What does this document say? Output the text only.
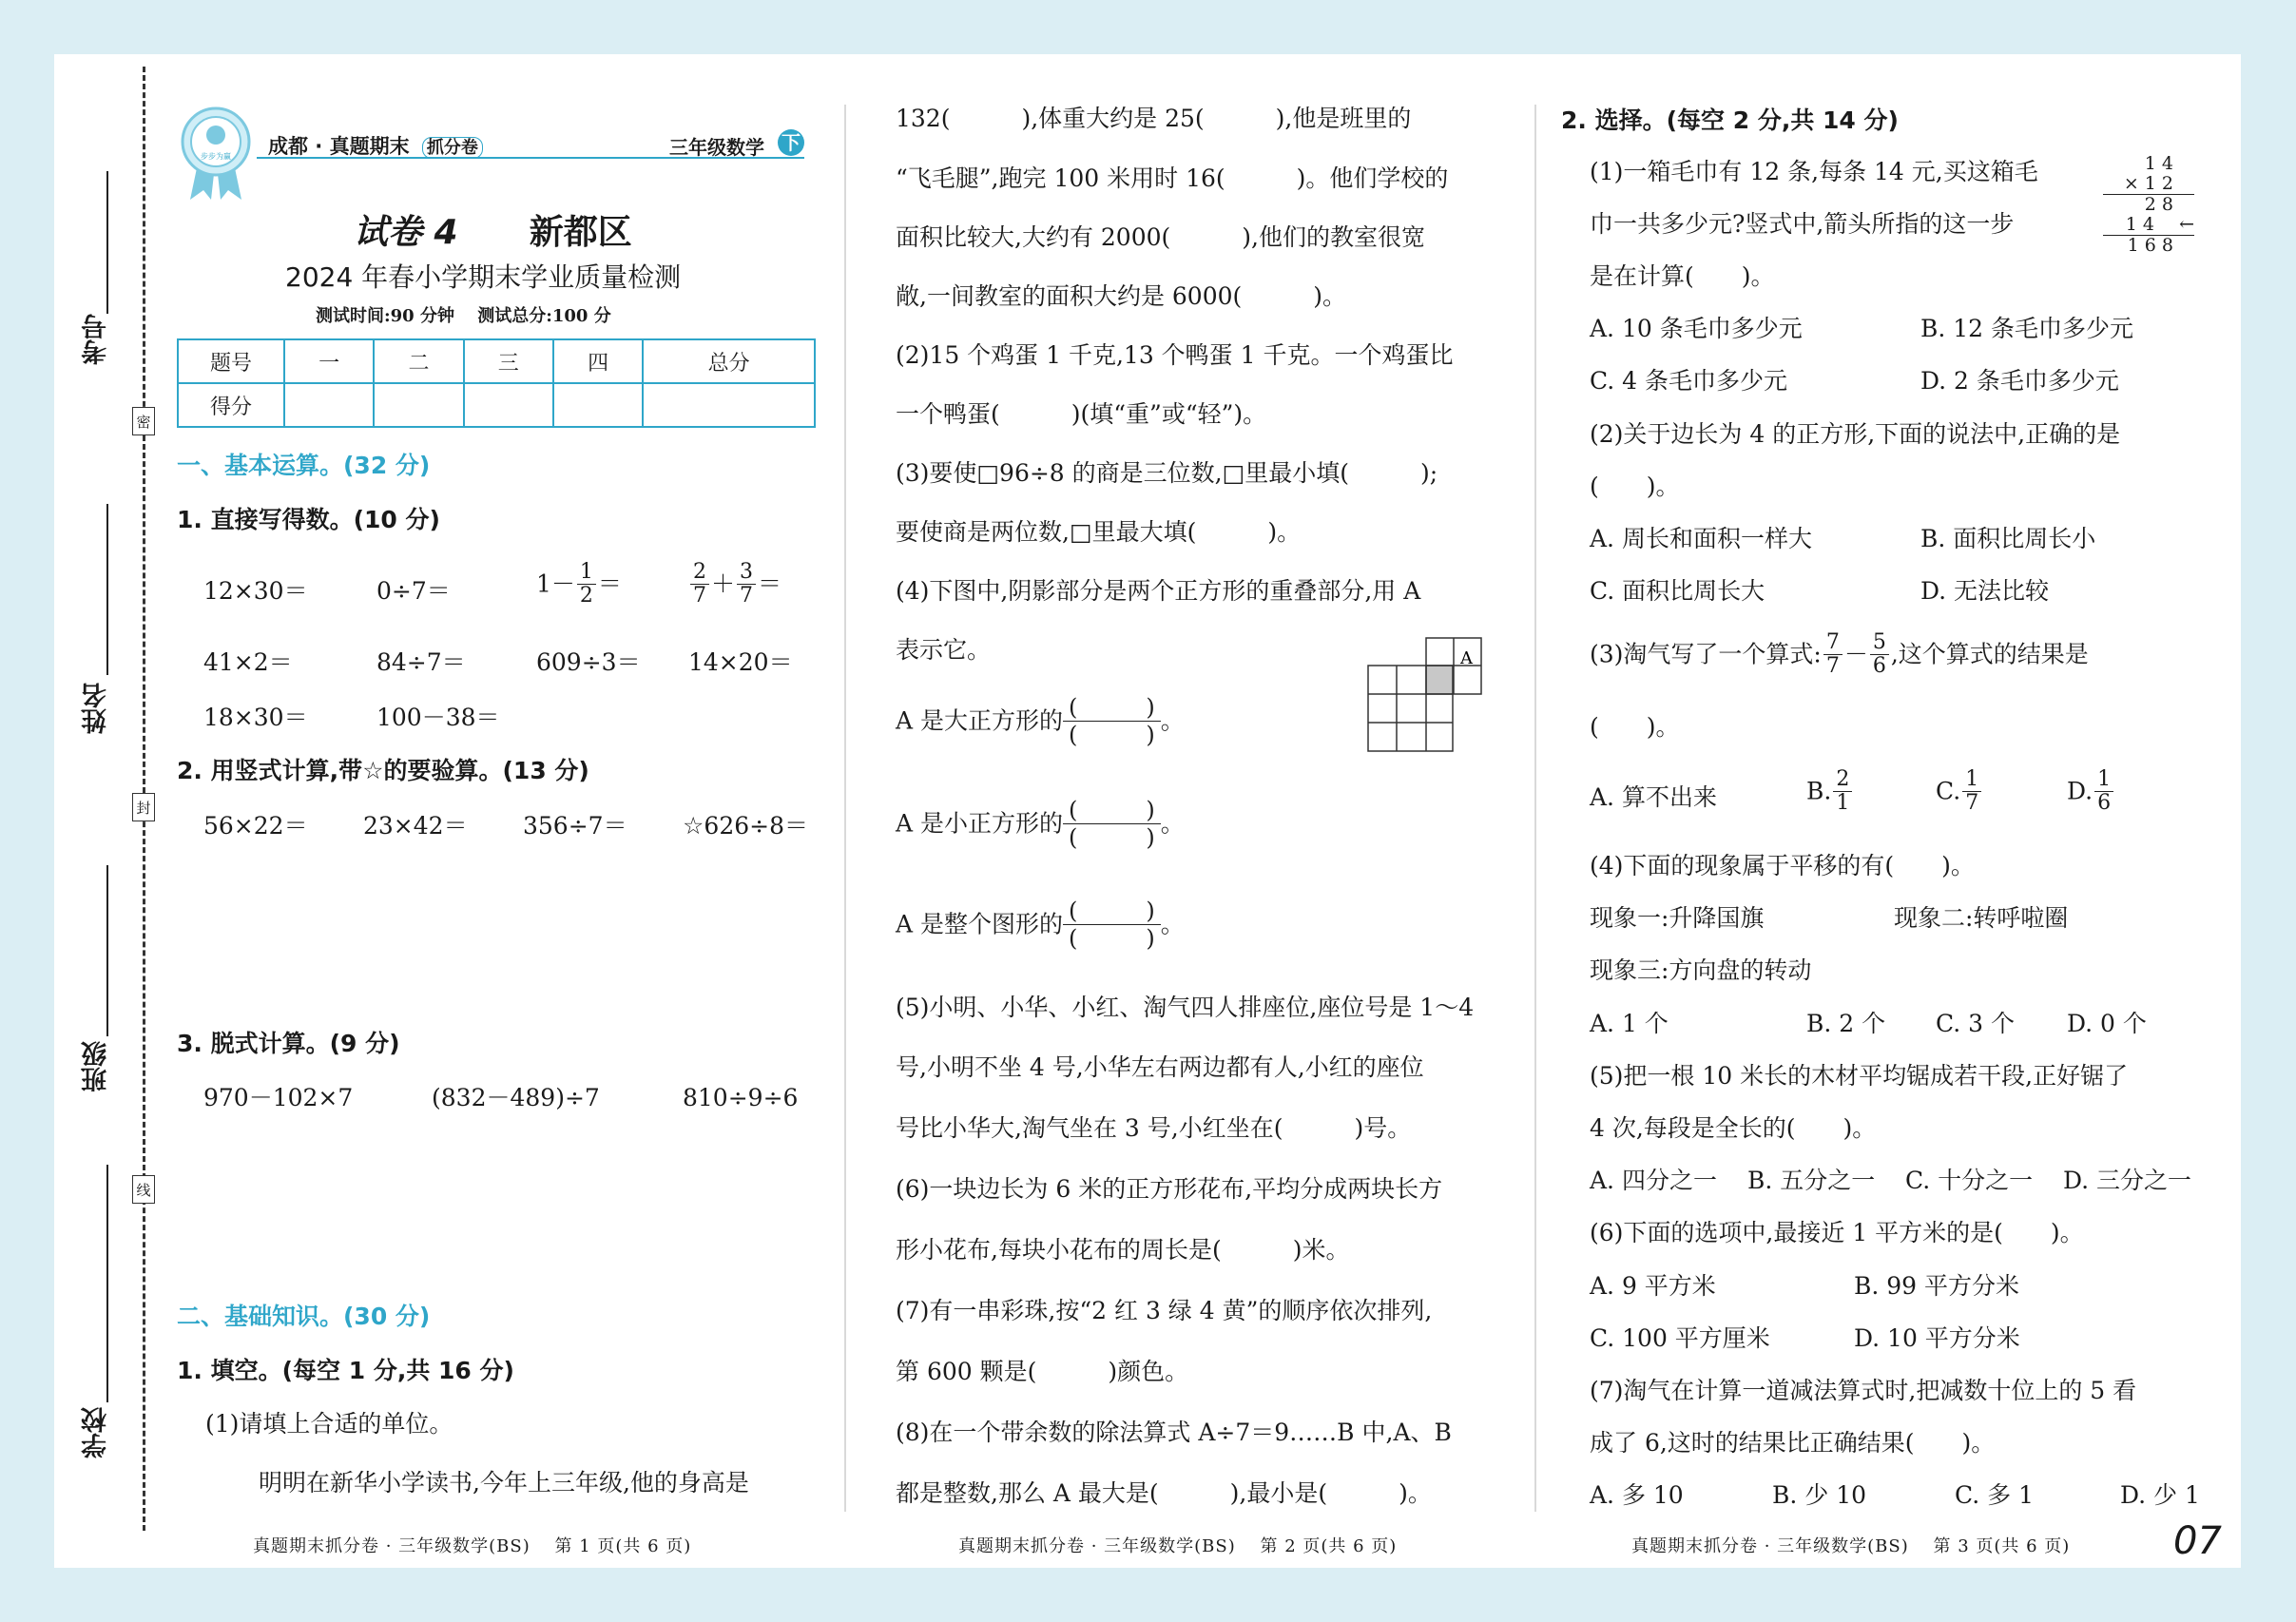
密
封
线
考号
姓名
班级
学校
步步为赢 成都 · 真题期末 抓分卷	三年级数学 下
试卷 4 新都区
2024 年春小学期末学业质量检测
测试时间:90 分钟　 测试总分:100 分
题号	一	二	三	四	总分
得分					
一、基本运算。(32 分)
1. 直接写得数。(10 分)
12×30＝	0÷7＝	$1- \frac{1}{2}$ ＝	$\frac{2}{7} + \frac{3}{7}$ ＝
41×2＝	84÷7＝	609÷3＝ 14×20＝
18×30＝	100－38＝
2. 用竖式计算,带☆的要验算。(13 分)
56×22＝ 23×42＝ 356÷7＝ ☆626÷8＝
3. 脱式计算。(9 分)
970－102×7	(832－489)÷7	810÷9÷6
二、基础知识。(30 分)
1. 填空。(每空 1 分,共 16 分)
(1)请填上合适的单位。
明明在新华小学读书,今年上三年级,他的身高是
132(　　　),体重大约是 25(　　　),他是班里的
“飞毛腿”,跑完 100 米用时 16(　　　)。他们学校的
面积比较大,大约有 2000(　　　),他们的教室很宽
敞,一间教室的面积大约是 6000(　　　)。
(2)15 个鸡蛋 1 千克,13 个鸭蛋 1 千克。一个鸡蛋比
一个鸭蛋(　　　)(填“重”或“轻”)。
(3)要使□96÷8 的商是三位数,□里最小填(　　　);
要使商是两位数,□里最大填(　　　)。
(4)下图中,阴影部分是两个正方形的重叠部分,用 A
表示它。
A 是大正方形的 (　　　)
(　　　)
。
A 是小正方形的 (　　　)
(　　　)
。
A 是整个图形的 (　　　)
(　　　)
。
(5)小明、小华、小红、淘气四人排座位,座位号是 1～4
号,小明不坐 4 号,小华左右两边都有人,小红的座位
号比小华大,淘气坐在 3 号,小红坐在(　　　)号。
(6)一块边长为 6 米的正方形花布,平均分成两块长方
形小花布,每块小花布的周长是(　　　)米。
(7)有一串彩珠,按“2 红 3 绿 4 黄”的顺序依次排列,
第 600 颗是(　　　)颜色。
(8)在一个带余数的除法算式 A÷7＝9……B 中,A、B
都是整数,那么 A 最大是(　　　),最小是(　　　)。
A
2. 选择。(每空 2 分,共 14 分)
(1)一箱毛巾有 12 条,每条 14 元,买这箱毛
巾一共多少元?竖式中,箭头所指的这一步
是在计算(　　)。
A. 10 条毛巾多少元	B. 12 条毛巾多少元
C. 4 条毛巾多少元	D. 2 条毛巾多少元
(2)关于边长为 4 的正方形,下面的说法中,正确的是
(　　)。
A. 周长和面积一样大	B. 面积比周长小
C. 面积比周长大	D. 无法比较
(3)淘气写了一个算式: $\frac{7}{7} - \frac{5}{6}$ ,这个算式的结果是
(　　)。
A. 算不出来	B. $\frac{2}{1}$	C. $\frac{1}{7}$	D. $\frac{1}{6}$
(4)下面的现象属于平移的有(　　)。
现象一:升降国旗	现象二:转呼啦圈
现象三:方向盘的转动
A. 1 个	B. 2 个 C. 3 个 D. 0 个
(5)把一根 10 米长的木材平均锯成若干段,正好锯了
4 次,每段是全长的(　　)。
A. 四分之一 B. 五分之一 C. 十分之一 D. 三分之一
(6)下面的选项中,最接近 1 平方米的是(　　)。
A. 9 平方米	B. 99 平方分米
C. 100 平方厘米	D. 10 平方分米
(7)淘气在计算一道减法算式时,把减数十位上的 5 看
成了 6,这时的结果比正确结果(　　)。
A. 多 10	B. 少 10	C. 多 1	D. 少 1
1 4
× 1 2
2 8
1 4 ←
1 6 8
真题期末抓分卷 · 三年级数学(BS)　 第 1 页(共 6 页)	真题期末抓分卷 · 三年级数学(BS)　 第 2 页(共 6 页)	真题期末抓分卷 · 三年级数学(BS)　 第 3 页(共 6 页)	07
